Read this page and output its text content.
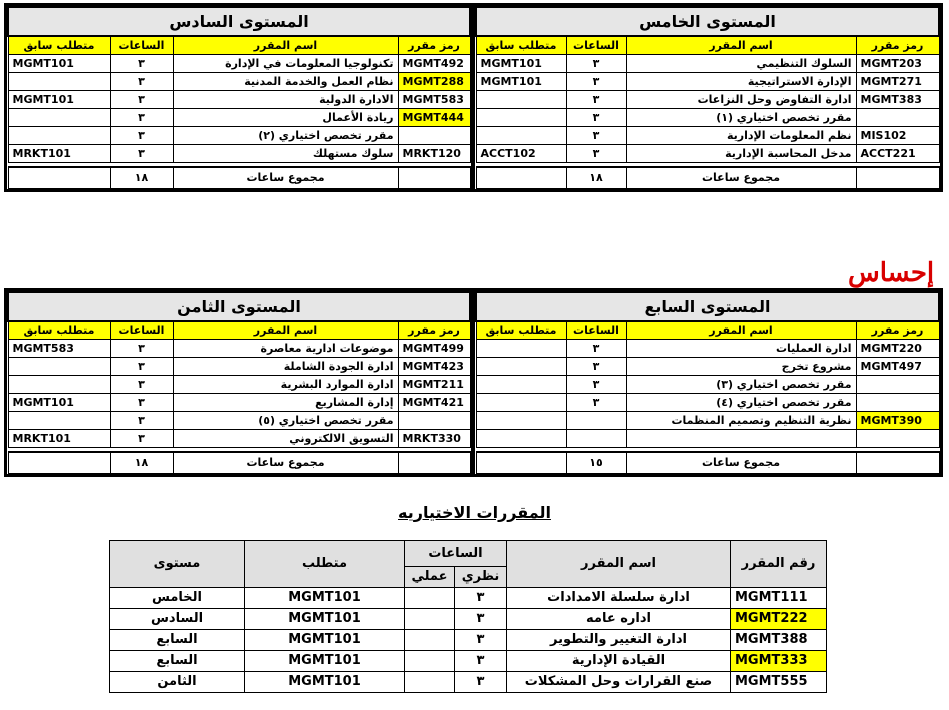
المستوى السادس			
متطلب سابق	الساعات	اسم المقرر	رمز مقرر
MGMT101	٣	تكنولوجيا المعلومات في الإدارة	MGMT492
	٣	نظام العمل والخدمة المدنية	MGMT288
MGMT101	٣	الادارة الدولية	MGMT583
	٣	ريادة الأعمال	MGMT444
	٣	مقرر تخصص اختياري (٢)	
MRKT101	٣	سلوك مستهلك	MRKT120

	١٨	مجموع ساعات	
المستوى الخامس			
متطلب سابق	الساعات	اسم المقرر	رمز مقرر
MGMT101	٣	السلوك التنظيمي	MGMT203
MGMT101	٣	الإدارة الاستراتيجية	MGMT271
	٣	ادارة التفاوض وحل النزاعات	MGMT383
	٣	مقرر تخصص اختياري (١)	
	٣	نظم المعلومات الإدارية	MIS102
ACCT102	٣	مدخل المحاسبة الإدارية	ACCT221

	١٨	مجموع ساعات	
إحساس
المستوى الثامن			
متطلب سابق	الساعات	اسم المقرر	رمز مقرر
MGMT583	٣	موضوعات ادارية معاصرة	MGMT499
	٣	ادارة الجودة الشاملة	MGMT423
	٣	ادارة الموارد البشرية	MGMT211
MGMT101	٣	إدارة المشاريع	MGMT421
	٣	مقرر تخصص اختياري (٥)	
MRKT101	٣	التسويق الالكتروني	MRKT330

	١٨	مجموع ساعات	
المستوى السابع			
متطلب سابق	الساعات	اسم المقرر	رمز مقرر
	٣	ادارة العمليات	MGMT220
	٣	مشروع تخرج	MGMT497
	٣	مقرر تخصص اختياري (٣)	
	٣	مقرر تخصص اختياري (٤)	
		نظرية التنظيم وتصميم المنظمات	MGMT390

	١٥	مجموع ساعات	
المقررات الاختياريه
مستوى	متطلب	الساعات		اسم المقرر	رقم المقرر
		عملي	نظري		
الخامس	MGMT101		٣	ادارة سلسلة الامدادات	MGMT111
السادس	MGMT101		٣	اداره عامه	MGMT222
السابع	MGMT101		٣	ادارة التغيير والتطوير	MGMT388
السابع	MGMT101		٣	القيادة الإدارية	MGMT333
الثامن	MGMT101		٣	صنع القرارات وحل المشكلات	MGMT555
